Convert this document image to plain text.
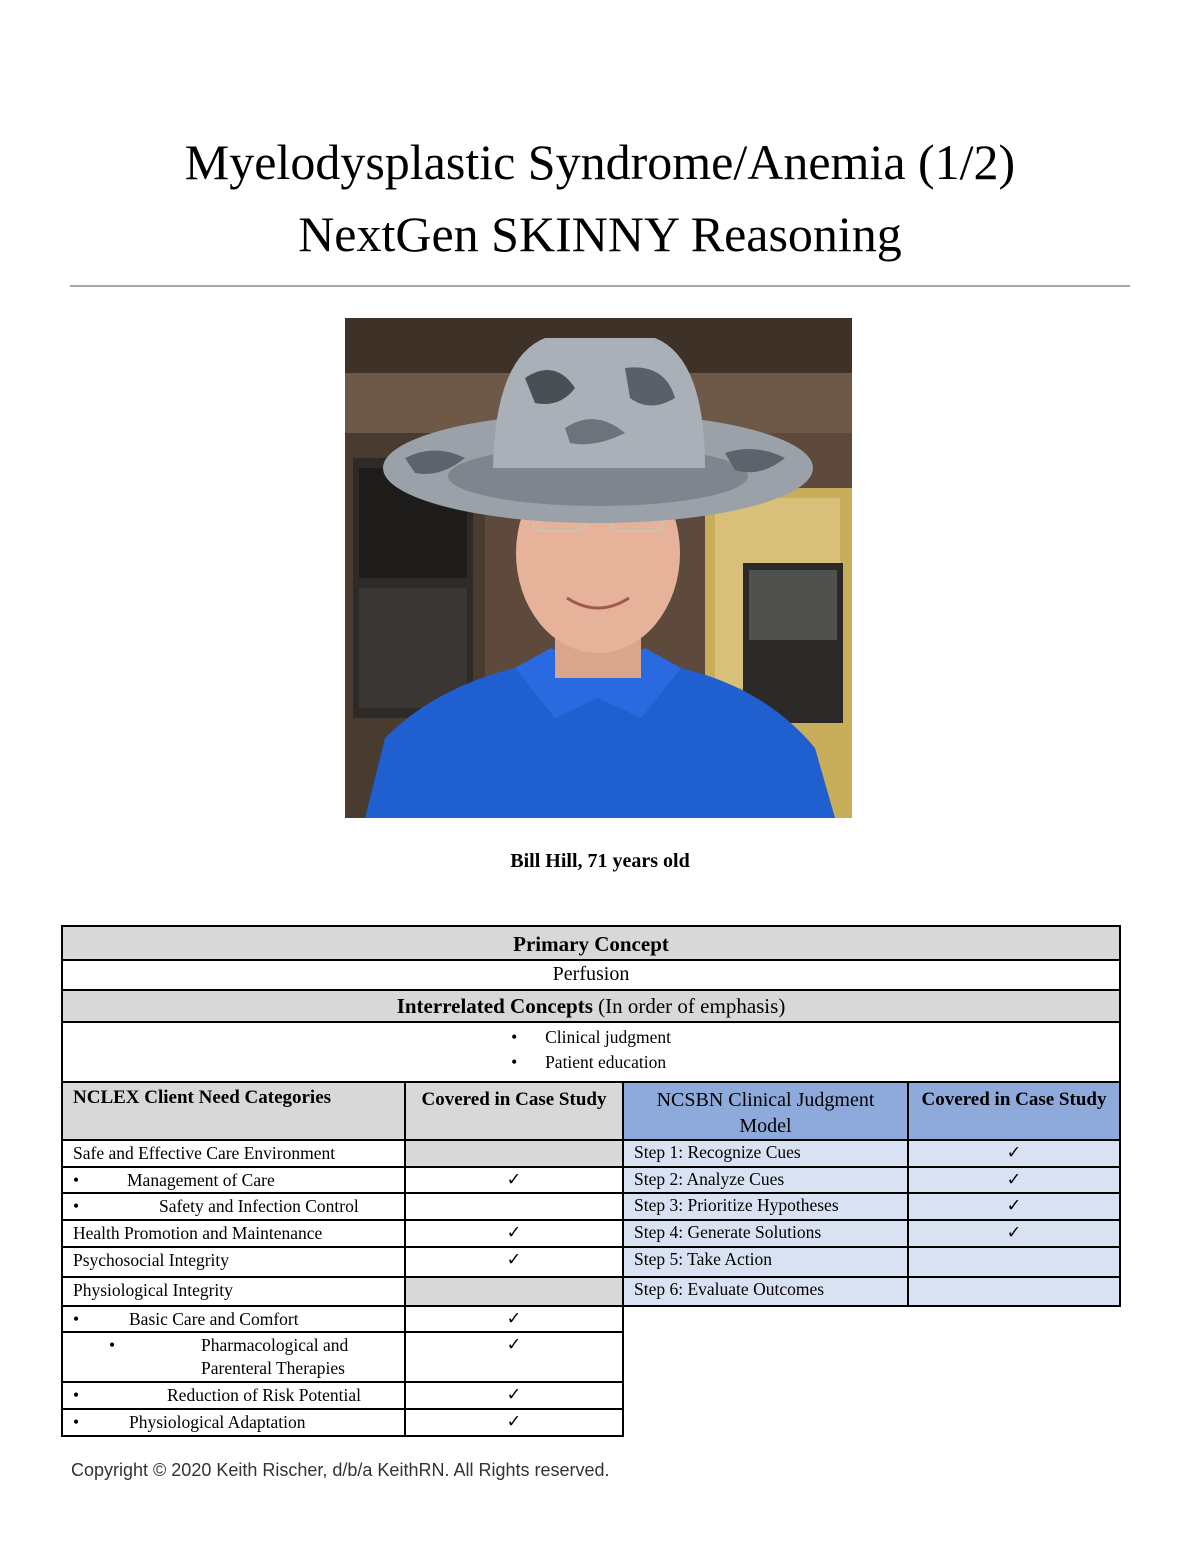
Myelodysplastic Syndrome/Anemia (1/2)
NextGen SKINNY Reasoning
Bill Hill, 71 years old
Primary Concept			
Perfusion			
Interrelated Concepts (In order of emphasis)			

• Clinical judgment
• Patient education			

NCLEX Client Need Categories	Covered in Case Study	NCSBN Clinical Judgment Model	Covered in Case Study
Safe and Effective Care Environment		Step 1: Recognize Cues	✓

• Management of Care	✓	Step 2: Analyze Cues	✓

• Safety and Infection Control		Step 3: Prioritize Hypotheses	✓
Health Promotion and Maintenance	✓	Step 4: Generate Solutions	✓
Psychosocial Integrity	✓	Step 5: Take Action	
Physiological Integrity		Step 6: Evaluate Outcomes	

• Basic Care and Comfort	✓		

• Pharmacological and Parenteral Therapies	✓		

• Reduction of Risk Potential	✓		

• Physiological Adaptation	✓		
Copyright © 2020 Keith Rischer, d/b/a KeithRN. All Rights reserved.
